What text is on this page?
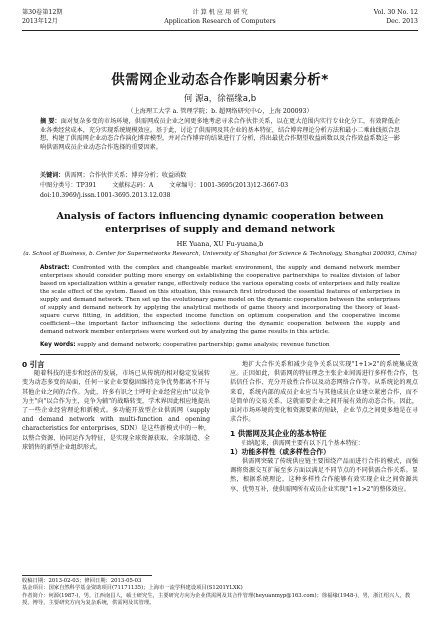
第30卷第12期
2013年12月
计 算 机 应 用 研 究
Application Research of Computers
Vol. 30 No. 12
Dec. 2013
供需网企业动态合作影响因素分析*
何 源a，徐福缘a,b
（上海理工大学 a. 管理学院；b. 超网络研究中心，上海 200093）
摘 要：面对复杂多变的市场环境，供需网成员企业之间更多地考虑寻求合作伙伴关系，以在更大范围内实行专业化分工，有效降低企业各类经营成本，充分实现系统规模效应。基于此，讨论了供需网及其企业的基本特征，结合博弈理论分析方法和最小二乘曲线拟合思想，构建了供需网企业动态合作演化博弈模型，并对合作博弈的结果进行了分析，得出最优合作期望收益函数以及合作效益系数这一影响供需网成员企业动态合作选择的重要因素。
关键词：供需网；合作伙伴关系；博弈分析；收益函数
中图分类号：TP391	文献标志码：A	文章编号：1001-3695(2013)12-3667-03
doi:10.3969/j.issn.1001-3695.2013.12.038
Analysis of factors influencing dynamic cooperation between enterprises of supply and demand network
HE Yuana, XU Fu-yuana,b
(a. School of Business, b. Center for Supernetworks Research, University of Shanghai for Science & Technology, Shanghai 200093, China)
Abstract: Confronted with the complex and changeable market environment, the supply and demand network member enterprises should consider putting more energy on establishing the cooperative partnerships to realize division of labor based on specialization within a greater range, effectively reduce the various operating costs of enterprises and fully realize the scale effect of the system. Based on this situation, this research first introduced the essential features of enterprises in supply and demand network. Then set up the evolutionary game model on the dynamic cooperation between the enterprises of supply and demand network by applying the analytical methods of game theory and incorporating the theory of least-square curve fitting, in addition, the expected income function on optimum cooperation and the cooperative income coefficient—the important factor influencing the selections during the dynamic cooperation between the supply and demand network member enterprises were worked out by analyzing the game results in this article.
Key words: supply and demand network; cooperative partnership; game analysis; revenue function

0 引言

随着科技的进步和经济的发展，市场已从传统的相对稳定发展转变为动态多变的局面，任何一家企业要稳固维持竞争优势都离不开与其他企业之间的合作。为此，许多有识之士呼吁企业经营应由"以竞争为主"向"以合作为主，竞争为辅"的战略转变，学术界因此相应地提出了一些企业经营理论和新模式。多功能开放型企业供需网（supply and demand network with multi-function and opening characteristics for enterprises, SDN）是这些新模式中的一种，以整合资源、协同运作为特征，是实现全球资源获取、全球制造、全球销售的新型企业组织形式。

地扩大合作关系和减少竞争关系以实现"1+1>2"的系统集成效应。正因如此，供需网的特征理念主张企业间需进行多样性合作，包括信任合作、充分开放性合作以及动态网络合作等。从系统论的观点来看，系统内部的成员企业应当与其他成员企业建立紧密合作，而不是简单的交易关系，这就需要企业之间开展有效的动态合作。因此，面对市场环境的变化和资源要素的短缺，企业节点之间更多地是在寻求合作。

1 供需网及其企业的基本特征

归纳起来，供需网主要有以下几个基本特征：

1）功能多样性（或多样性合作）

供需网突破了传统供应链主要围绕产品而进行合作的模式，而强调将资源交互扩展至多方面以满足不同节点的不同供需合作关系。显然，根据系统理论，这种多样性合作能够有效实现企业之间资源共享、优势互补，使供需网所有成员企业实现"1+1>2"的整体效应。

收稿日期：2013-02-03；修回日期：2013-05-03
基金项目：国家自然科学基金资助项目(71171135)；上海市一流学科建设项目(S1201YLXK)
作者简介：何源(1987-)，男，江西南昌人，硕士研究生，主要研究方向为企业供需网及其合作管理(heyuanmyp@163.com)；徐福缘(1948-)，男，浙江绍兴人，教授，博导，主要研究方向为复杂系统，供需网及其管理。
